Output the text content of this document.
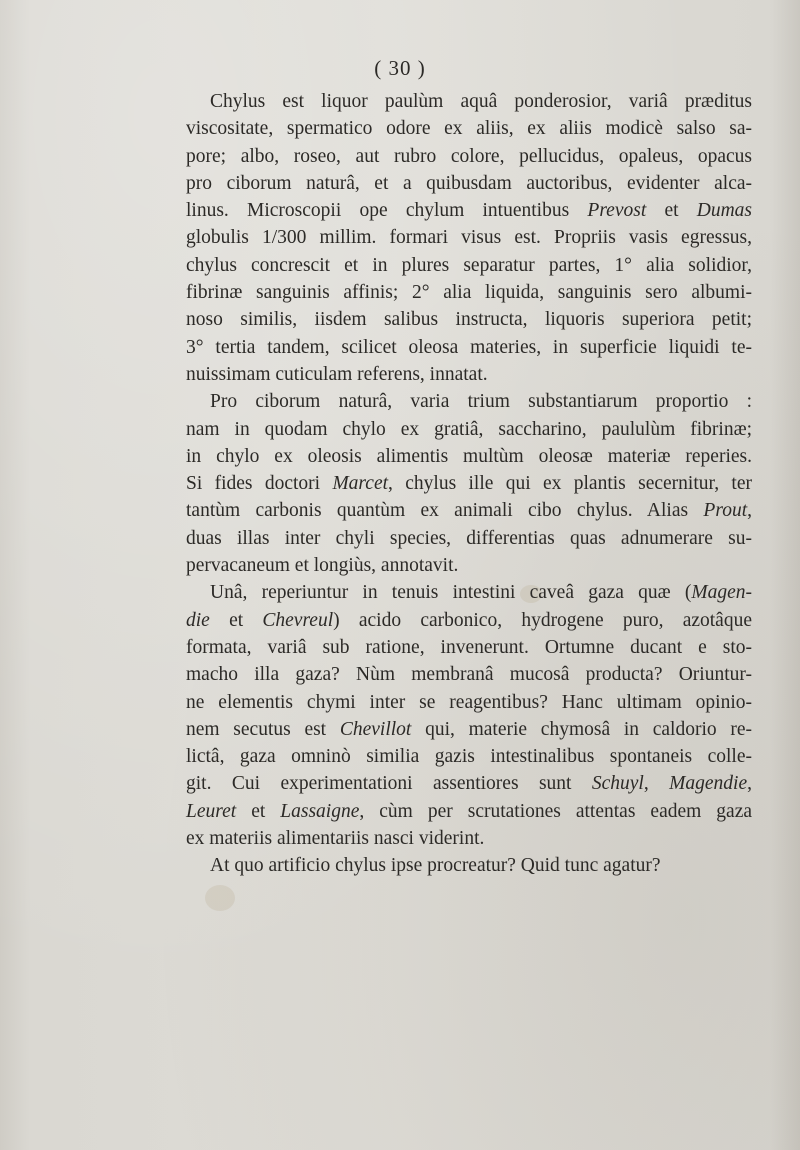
( 30 )
Chylus est liquor paulùm aquâ ponderosior, variâ præditus
viscositate, spermatico odore ex aliis, ex aliis modicè salso sa-
pore; albo, roseo, aut rubro colore, pellucidus, opaleus, opacus
pro ciborum naturâ, et a quibusdam auctoribus, evidenter alca-
linus. Microscopii ope chylum intuentibus Prevost et Dumas
globulis 1/300 millim. formari visus est. Propriis vasis egressus,
chylus concrescit et in plures separatur partes, 1° alia solidior,
fibrinæ sanguinis affinis; 2° alia liquida, sanguinis sero albumi-
noso similis, iisdem salibus instructa, liquoris superiora petit;
3° tertia tandem, scilicet oleosa materies, in superficie liquidi te-
nuissimam cuticulam referens, innatat.
Pro ciborum naturâ, varia trium substantiarum proportio :
nam in quodam chylo ex gratiâ, saccharino, paululùm fibrinæ;
in chylo ex oleosis alimentis multùm oleosæ materiæ reperies.
Si fides doctori Marcet, chylus ille qui ex plantis secernitur, ter
tantùm carbonis quantùm ex animali cibo chylus. Alias Prout,
duas illas inter chyli species, differentias quas adnumerare su-
pervacaneum et longiùs, annotavit.
Unâ, reperiuntur in tenuis intestini caveâ gaza quæ (Magen-
die et Chevreul) acido carbonico, hydrogene puro, azotâque
formata, variâ sub ratione, invenerunt. Ortumne ducant e sto-
macho illa gaza? Nùm membranâ mucosâ producta? Oriuntur-
ne elementis chymi inter se reagentibus? Hanc ultimam opinio-
nem secutus est Chevillot qui, materie chymosâ in caldorio re-
lictâ, gaza omninò similia gazis intestinalibus spontaneis colle-
git. Cui experimentationi assentiores sunt Schuyl, Magendie,
Leuret et Lassaigne, cùm per scrutationes attentas eadem gaza
ex materiis alimentariis nasci viderint.
At quo artificio chylus ipse procreatur? Quid tunc agatur?
